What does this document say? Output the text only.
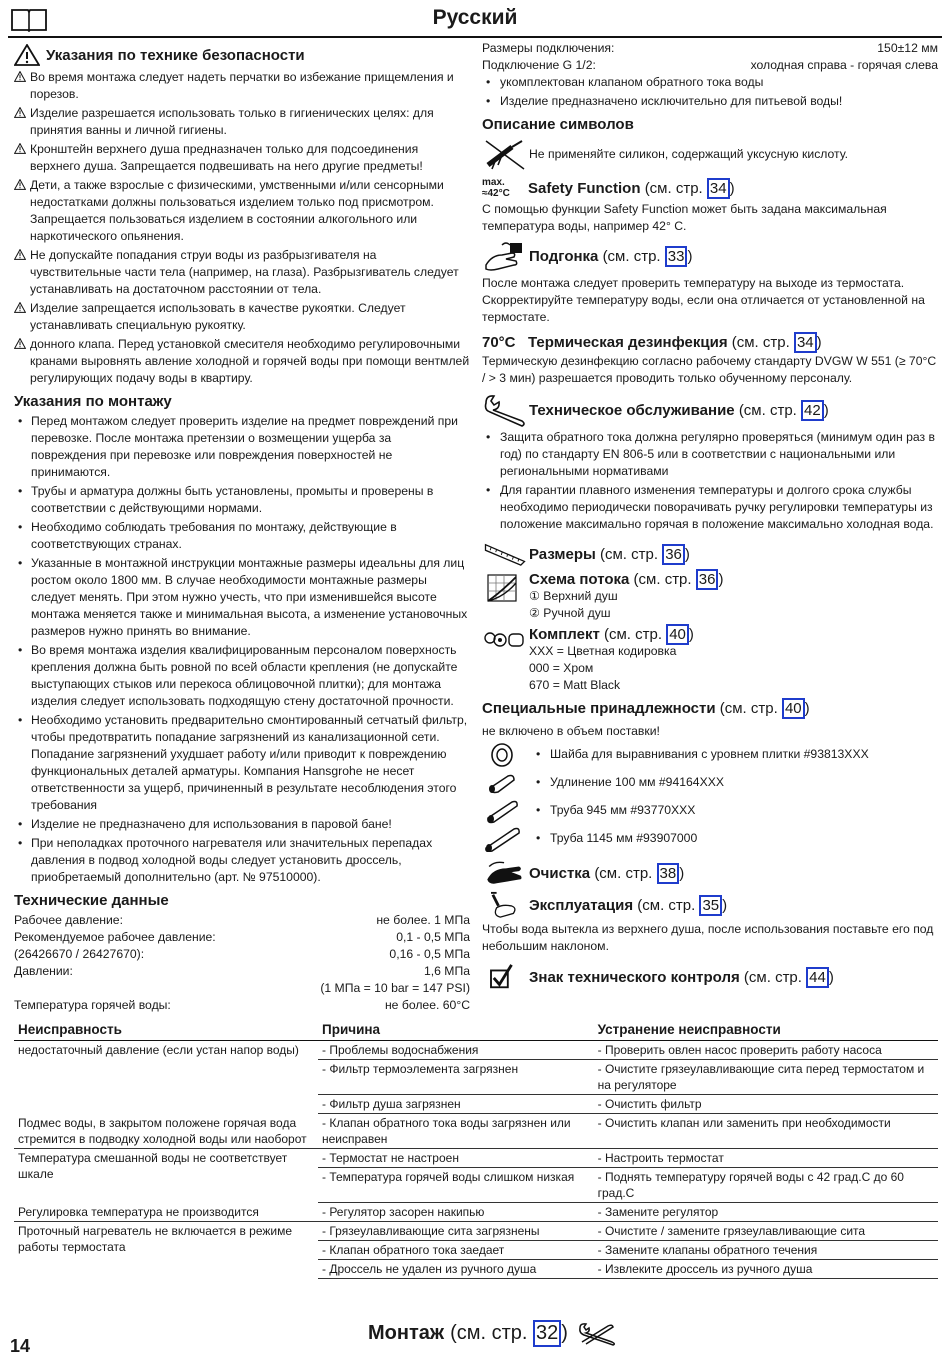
Русский
Указания по технике безопасности
Во время монтажа следует надеть перчатки во избежание прищемления и порезов.
Изделие разрешается использовать только в гигиенических целях: для принятия ванны и личной гигиены.
Кронштейн верхнего душа предназначен только для подсоединения верхнего душа. Запрещается подвешивать на него другие предметы!
Дети, а также взрослые с физическими, умственными и/или сенсорными недостатками должны пользоваться изделием только под присмотром. Запрещается пользоваться изделием в состоянии алкогольного или наркотического опьянения.
Не допускайте попадания струи воды из разбрызгивателя на чувствительные части тела (например, на глаза). Разбрызгиватель следует устанавливать на достаточном расстоянии от тела.
Изделие запрещается использовать в качестве рукоятки. Следует устанавливать специальную рукоятку.
донного клапа. Перед установкой смесителя необходимо регулировочными кранами выровнять авление холодной и горячей воды при помощи вентмлей регулирующих подачу воды в квартиру.
Указания по монтажу
• Перед монтажом следует проверить изделие на предмет повреждений при перевозке. После монтажа претензии о возмещении ущерба за повреждения при перевозке или повреждения поверхностей не принимаются.
• Трубы и арматура должны быть установлены, промыты и проверены в соответствии с действующими нормами.
• Необходимо соблюдать требования по монтажу, действующие в соответствующих странах.
• Указанные в монтажной инструкции монтажные размеры идеальны для лиц ростом около 1800 мм. В случае необходимости монтажные размеры следует менять. При этом нужно учесть, что при изменившейся высоте монтажа меняется также и минимальная высота, а изменение установочных размеров нужно принять во внимание.
• Во время монтажа изделия квалифицированным персоналом поверхность крепления должна быть ровной по всей области крепления (не допускайте выступающих стыков или перекоса облицовочной плитки); для монтажа изделия следует использовать подходящую стену достаточной прочности.
• Необходимо установить предварительно смонтированный сетчатый фильтр, чтобы предотвратить попадание загрязнений из канализационной сети. Попадание загрязнений ухудшает работу и/или приводит к повреждению функциональных деталей арматуры. Компания Hansgrohe не несет ответственности за ущерб, причиненный в результате несоблюдения этого требования
• Изделие не предназначено для использования в паровой бане!
• При неполадках проточного нагревателя или значительных перепадах давления в подвод холодной воды следует установить дроссель, приобретаемый дополнительно (арт. № 97510000).
Технические данные
Рабочее давление:	не более. 1 МПа
Рекомендуемое рабочее давление:	0,1 - 0,5 МПа
(26426670 / 26427670):	0,16 - 0,5 МПа
Давлении:	1,6 МПа
(1 МПа = 10 bar = 147 PSI)
Температура горячей воды:	не более. 60°C
Размеры подключения:	150±12 мм
Подключение G 1/2:	холодная справа - горячая слева
• укомплектован клапаном обратного тока воды
• Изделие предназначено исключительно для питьевой воды!
Описание символов
Не применяйте силикон, содержащий уксусную кислоту.
max.
≈42°C	Safety Function (см. стр. 34 )
С помощью функции Safety Function может быть задана максимальная температура воды, например 42° C.
Подгонка (см. стр. 33 )
После монтажа следует проверить температуру на выходе из термостата. Скорректируйте температуру воды, если она отличается от установленной на термостате.
70°C Термическая дезинфекция (см. стр. 34 )
Термическую дезинфекцию согласно рабочему стандарту DVGW W 551 (≥ 70°C / > 3 мин) разрешается проводить только обученному персоналу.
Техническое обслуживание (см. стр. 42 )
• Защита обратного тока должна регулярно проверяться (минимум один раз в год) по стандарту EN 806-5 или в соответствии с национальными или региональными нормативами
• Для гарантии плавного изменения температуры и долгого срока службы необходимо периодически поворачивать ручку регулировки температуры из положение максимально горячая в положение максимально холодная вода.
Размеры (см. стр. 36 )
Схема потока (см. стр. 36 )
① Верхний душ
② Ручной душ
Комплект (см. стр. 40 )
XXX = Цветная кодировка
000 = Хром
670 = Matt Black
Специальные принадлежности (см. стр. 40 )
не включено в объем поставки!
• Шайба для выравнивания с уровнем плитки #93813XXX
• Удлинение 100 мм #94164XXX
• Труба 945 мм #93770XXX
• Труба 1145 мм #93907000
Очистка (см. стр. 38 )
Эксплуатация (см. стр. 35 )
Чтобы вода вытекла из верхнего душа, после использования поставьте его под небольшим наклоном.
Знак технического контроля (см. стр. 44 )
Неисправность	Причина	Устранение неисправности
недостаточный давление (если устан напор воды)	- Проблемы водоснабжения	- Проверить овлен насос проверить работу насоса
	- Фильтр термоэлемента загрязнен	- Очистите грязеулавливающие сита перед термостатом и на регуляторе
	- Фильтр душа загрязнен	- Очистить фильтр
Подмес воды, в закрытом положене горячая вода стремится в подводку холодной воды или наоборот	- Клапан обратного тока воды загрязнен или неисправен	- Очистить клапан или заменить при необходимости
Температура смешанной воды не соответствует шкале	- Термостат не настроен	- Настроить термостат
	- Температура горячей воды слишком низкая	- Поднять температуру горячей воды с 42 град.С до 60 град.С
Регулировка температура не производится	- Регулятор засорен накипью	- Замените регулятор
Проточный нагреватель не включается в режиме работы термостата	- Грязеулавливающие сита загрязнены	- Очистите / замените грязеулавливающие сита
	- Клапан обратного тока заедает	- Замените клапаны обратного течения
	- Дроссель не удален из ручного душа	- Извлеките дроссель из ручного душа
14
Монтаж (см. стр.
32 )
